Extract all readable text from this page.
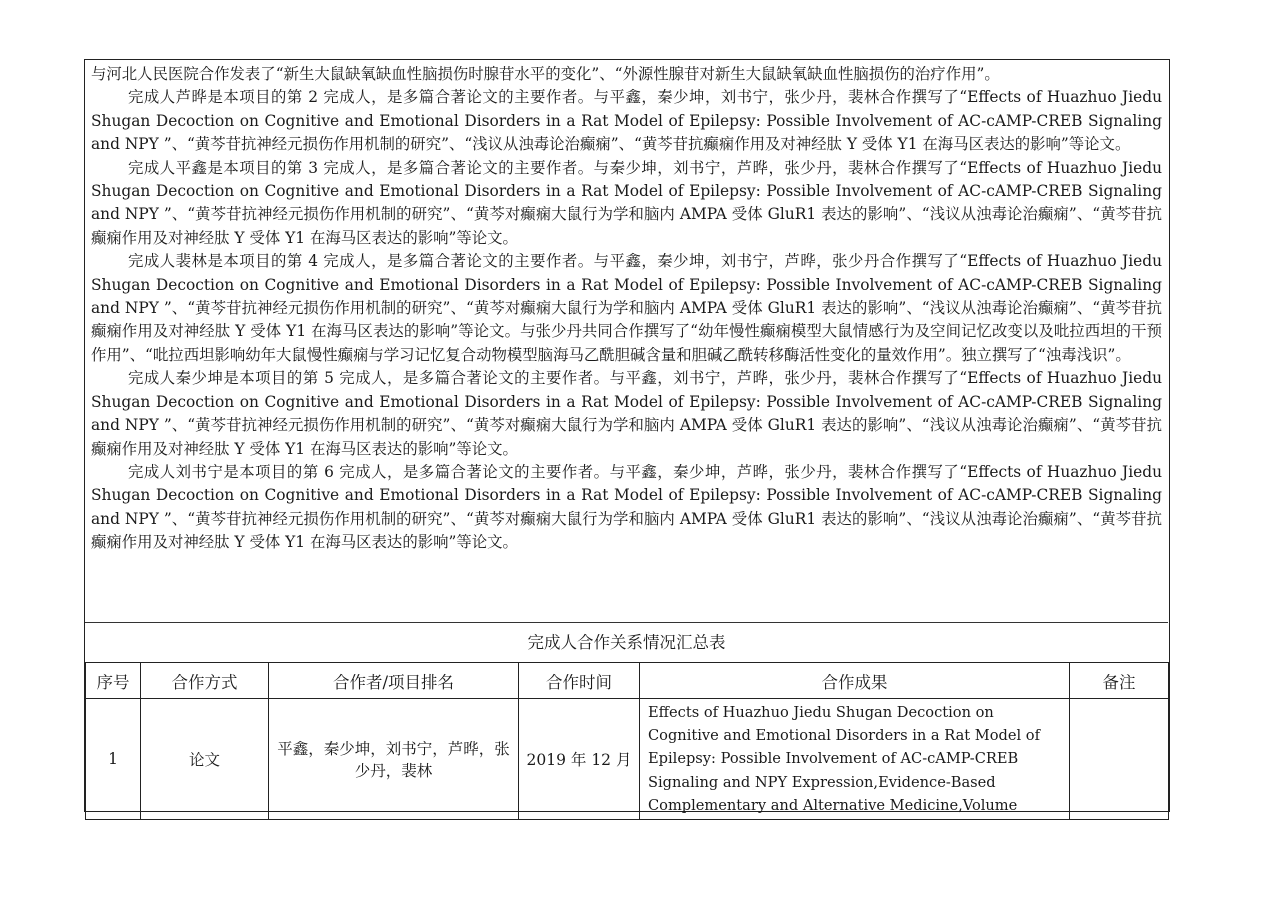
与河北人民医院合作发表了“新生大鼠缺氧缺血性脑损伤时腺苷水平的变化”、“外源性腺苷对新生大鼠缺氧缺血性脑损伤的治疗作用”。

完成人芦晔是本项目的第 2 完成人，是多篇合著论文的主要作者。与平鑫，秦少坤，刘书宁，张少丹，裴林合作撰写了“Effects of Huazhuo Jiedu Shugan Decoction on Cognitive and Emotional Disorders in a Rat Model of Epilepsy: Possible Involvement of AC-cAMP-CREB Signaling and NPY ”、“黄芩苷抗神经元损伤作用机制的研究”、“浅议从浊毒论治癫痫”、“黄芩苷抗癫痫作用及对神经肽 Y 受体 Y1 在海马区表达的影响”等论文。

完成人平鑫是本项目的第 3 完成人，是多篇合著论文的主要作者。与秦少坤，刘书宁，芦晔，张少丹，裴林合作撰写了“Effects of Huazhuo Jiedu Shugan Decoction on Cognitive and Emotional Disorders in a Rat Model of Epilepsy: Possible Involvement of AC-cAMP-CREB Signaling and NPY ”、“黄芩苷抗神经元损伤作用机制的研究”、“黄芩对癫痫大鼠行为学和脑内 AMPA 受体 GluR1 表达的影响”、“浅议从浊毒论治癫痫”、“黄芩苷抗癫痫作用及对神经肽 Y 受体 Y1 在海马区表达的影响”等论文。

完成人裴林是本项目的第 4 完成人，是多篇合著论文的主要作者。与平鑫，秦少坤，刘书宁，芦晔，张少丹合作撰写了“Effects of Huazhuo Jiedu Shugan Decoction on Cognitive and Emotional Disorders in a Rat Model of Epilepsy: Possible Involvement of AC-cAMP-CREB Signaling and NPY ”、“黄芩苷抗神经元损伤作用机制的研究”、“黄芩对癫痫大鼠行为学和脑内 AMPA 受体 GluR1 表达的影响”、“浅议从浊毒论治癫痫”、“黄芩苷抗癫痫作用及对神经肽 Y 受体 Y1 在海马区表达的影响”等论文。与张少丹共同合作撰写了“幼年慢性癫痫模型大鼠情感行为及空间记忆改变以及吡拉西坦的干预作用”、“吡拉西坦影响幼年大鼠慢性癫痫与学习记忆复合动物模型脑海马乙酰胆碱含量和胆碱乙酰转移酶活性变化的量效作用”。独立撰写了“浊毒浅识”。

完成人秦少坤是本项目的第 5 完成人，是多篇合著论文的主要作者。与平鑫，刘书宁，芦晔，张少丹，裴林合作撰写了“Effects of Huazhuo Jiedu Shugan Decoction on Cognitive and Emotional Disorders in a Rat Model of Epilepsy: Possible Involvement of AC-cAMP-CREB Signaling and NPY ”、“黄芩苷抗神经元损伤作用机制的研究”、“黄芩对癫痫大鼠行为学和脑内 AMPA 受体 GluR1 表达的影响”、“浅议从浊毒论治癫痫”、“黄芩苷抗癫痫作用及对神经肽 Y 受体 Y1 在海马区表达的影响”等论文。

完成人刘书宁是本项目的第 6 完成人，是多篇合著论文的主要作者。与平鑫，秦少坤，芦晔，张少丹，裴林合作撰写了“Effects of Huazhuo Jiedu Shugan Decoction on Cognitive and Emotional Disorders in a Rat Model of Epilepsy: Possible Involvement of AC-cAMP-CREB Signaling and NPY ”、“黄芩苷抗神经元损伤作用机制的研究”、“黄芩对癫痫大鼠行为学和脑内 AMPA 受体 GluR1 表达的影响”、“浅议从浊毒论治癫痫”、“黄芩苷抗癫痫作用及对神经肽 Y 受体 Y1 在海马区表达的影响”等论文。

完成人合作关系情况汇总表
序号	合作方式	合作者/项目排名	合作时间	合作成果	备注
1	论文	平鑫，秦少坤，刘书宁，芦晔，张少丹，裴林	2019 年 12 月	Effects of Huazhuo Jiedu Shugan Decoction on Cognitive and Emotional Disorders in a Rat Model of Epilepsy: Possible Involvement of AC-cAMP-CREB Signaling and NPY Expression,Evidence-Based Complementary and Alternative Medicine,Volume	
